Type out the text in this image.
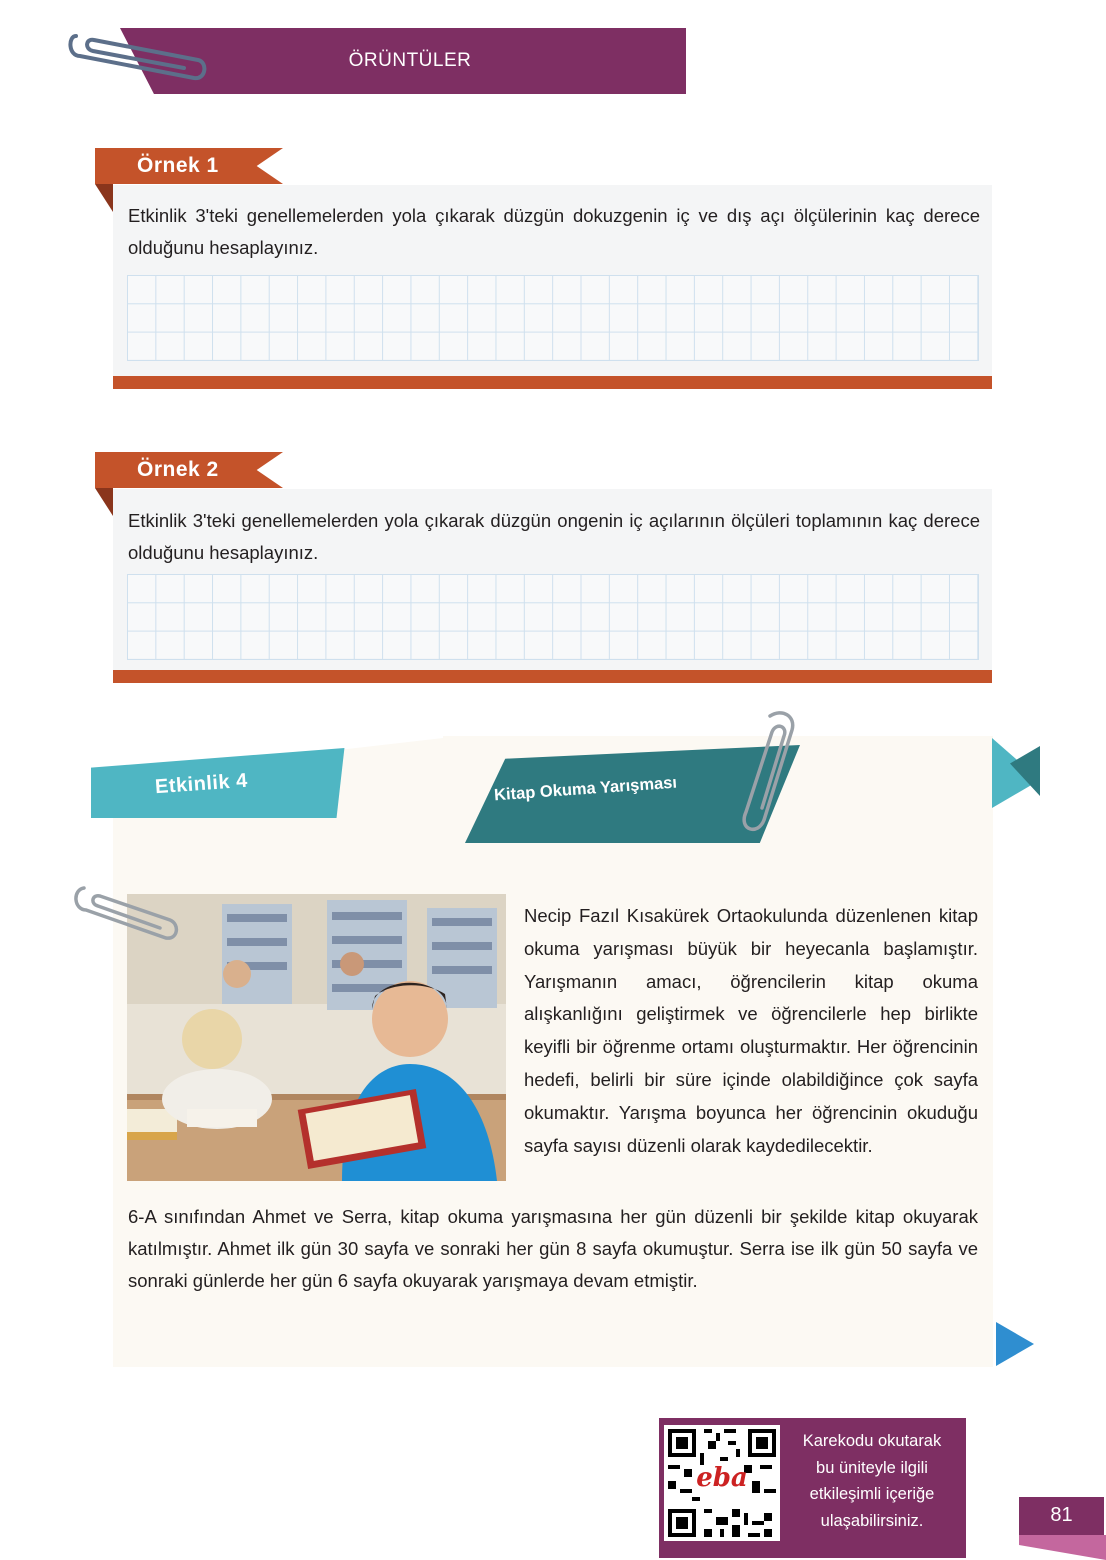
ÖRÜNTÜLER
Örnek 1
Etkinlik 3'teki genellemelerden yola çıkarak düzgün dokuzgenin iç ve dış açı ölçülerinin kaç derece olduğunu hesaplayınız.
Örnek 2
Etkinlik 3'teki genellemelerden yola çıkarak düzgün ongenin iç açılarının ölçüleri toplamının kaç derece olduğunu hesaplayınız.
Etkinlik 4	Kitap Okuma Yarışması
Necip Fazıl Kısakürek Ortaokulunda düzenlenen kitap okuma yarışması büyük bir heyecanla başlamıştır. Yarışmanın amacı, öğrencilerin kitap okuma alışkanlığını geliştirmek ve öğrencilerle hep birlikte keyifli bir öğrenme ortamı oluşturmaktır. Her öğrencinin hedefi, belirli bir süre içinde olabildiğince çok sayfa okumaktır. Yarışma boyunca her öğrencinin okuduğu sayfa sayısı düzenli olarak kaydedilecektir.
6-A sınıfından Ahmet ve Serra, kitap okuma yarışmasına her gün düzenli bir şekilde kitap okuyarak katılmıştır. Ahmet ilk gün 30 sayfa ve sonraki her gün 8 sayfa okumuştur. Serra ise ilk gün 50 sayfa ve sonraki günlerde her gün 6 sayfa okuyarak yarışmaya devam etmiştir.
eba
Karekodu okutarak
bu üniteyle ilgili
etkileşimli içeriğe
ulaşabilirsiniz.	81
